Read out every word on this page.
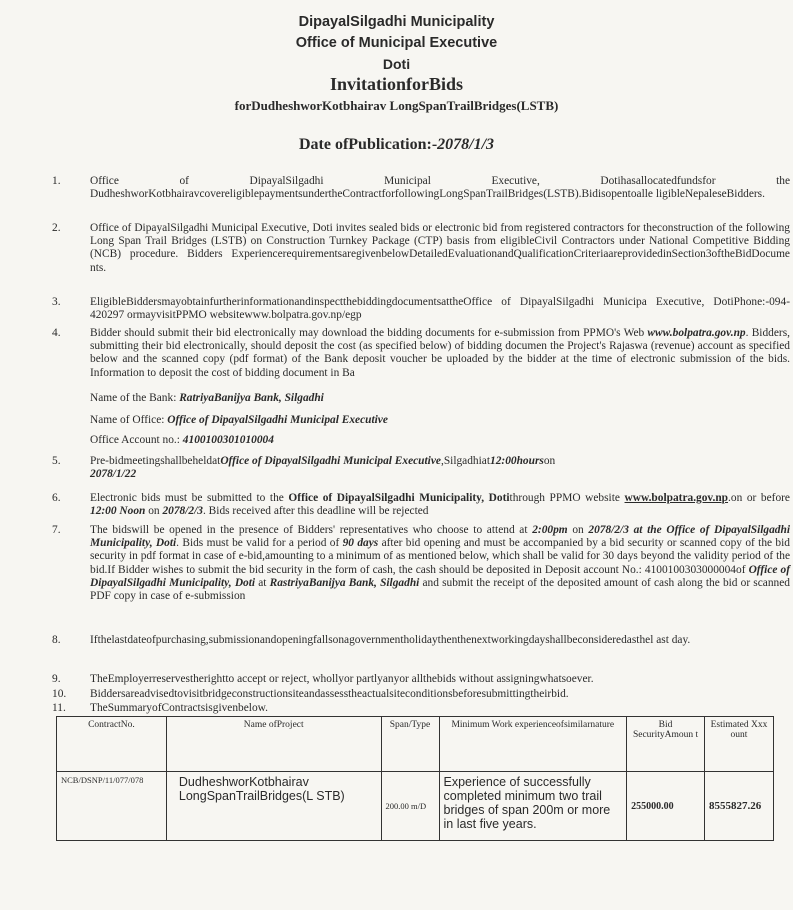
DipayalSilgadhi Municipality
Office of Municipal Executive
Doti
InvitationforBids
forDudheshworKotbhairav LongSpanTrailBridges(LSTB)
Date ofPublication:-2078/1/3
1.	Office of DipayalSilgadhi Municipal Executive, Dotihasallocatedfundsfor the DudheshworKotbhairavcovereligiblepaymentsundertheContractforfollowingLongSpanTrailBridges(LSTB).Bidisopentoalle ligibleNepaleseBidders.
2.	Office of DipayalSilgadhi Municipal Executive, Doti invites sealed bids or electronic bid from registered contractors for theconstruction of the following Long Span Trail Bridges (LSTB) on Construction Turnkey Package (CTP) basis from eligibleCivil Contractors under National Competitive Bidding (NCB) procedure. Bidders ExperiencerequirementsaregivenbelowDetailedEvaluationandQualificationCriteriaareprovidedinSection3oftheBidDocume nts.
3.	EligibleBiddersmayobtainfurtherinformationandinspectthebiddingdocumentsattheOffice of DipayalSilgadhi Municipa Executive, DotiPhone:-094-420297 ormayvisitPPMO websitewww.bolpatra.gov.np/egp
4.	Bidder should submit their bid electronically may download the bidding documents for e-submission from PPMO's Web www.bolpatra.gov.np. Bidders, submitting their bid electronically, should deposit the cost (as specified below) of bidding documen the Project's Rajaswa (revenue) account as specified below and the scanned copy (pdf format) of the Bank deposit voucher be uploaded by the bidder at the time of electronic submission of the bids. Information to deposit the cost of bidding document in Ba
Name of the Bank: RatriyaBanijya Bank, Silgadhi
Name of Office: Office of DipayalSilgadhi Municipal Executive
Office Account no.: 4100100301010004
5.	Pre-bidmeetingshallbeheldatOffice of DipayalSilgadhi Municipal Executive,Silgadhiat12:00hourson
2078/1/22
6.	Electronic bids must be submitted to the Office of DipayalSilgadhi Municipality, Dotithrough PPMO website www.bolpatra.gov.np.on or before 12:00 Noon on 2078/2/3. Bids received after this deadline will be rejected
7.	The bidswill be opened in the presence of Bidders' representatives who choose to attend at 2:00pm on 2078/2/3 at the Office of DipayalSilgadhi Municipality, Doti. Bids must be valid for a period of 90 days after bid opening and must be accompanied by a bid security or scanned copy of the bid security in pdf format in case of e-bid,amounting to a minimum of as mentioned below, which shall be valid for 30 days beyond the validity period of the bid.If Bidder wishes to submit the bid security in the form of cash, the cash should be deposited in Deposit account No.: 4100100303000004of Office of DipayalSilgadhi Municipality, Doti at RastriyaBanijya Bank, Silgadhi and submit the receipt of the deposited amount of cash along the bid or scanned PDF copy in case of e-submission
8.	Ifthelastdateofpurchasing,submissionandopeningfallsonagovernmentholidaythenthenextworkingdayshallbeconsideredasthel ast day.
9.	TheEmployerreservestherightto accept or reject, whollyor partlyanyor allthebids without assigningwhatsoever.
10.	Biddersareadvisedtovisitbridgeconstructionsiteandassesstheactualsiteconditionsbeforesubmittingtheirbid.
11.	TheSummaryofContractsisgivenbelow.
ContractNo.	Name ofProject	Span/Type	Minimum Work experienceofsimilarnature	Bid SecurityAmoun t	Estimated Xxx ount
NCB/DSNP/11/077/078	DudheshworKotbhairav LongSpanTrailBridges(L STB)	200.00 m/D	Experience of successfully completed minimum two trail bridges of span 200m or more in last five years.	255000.00	8555827.26
